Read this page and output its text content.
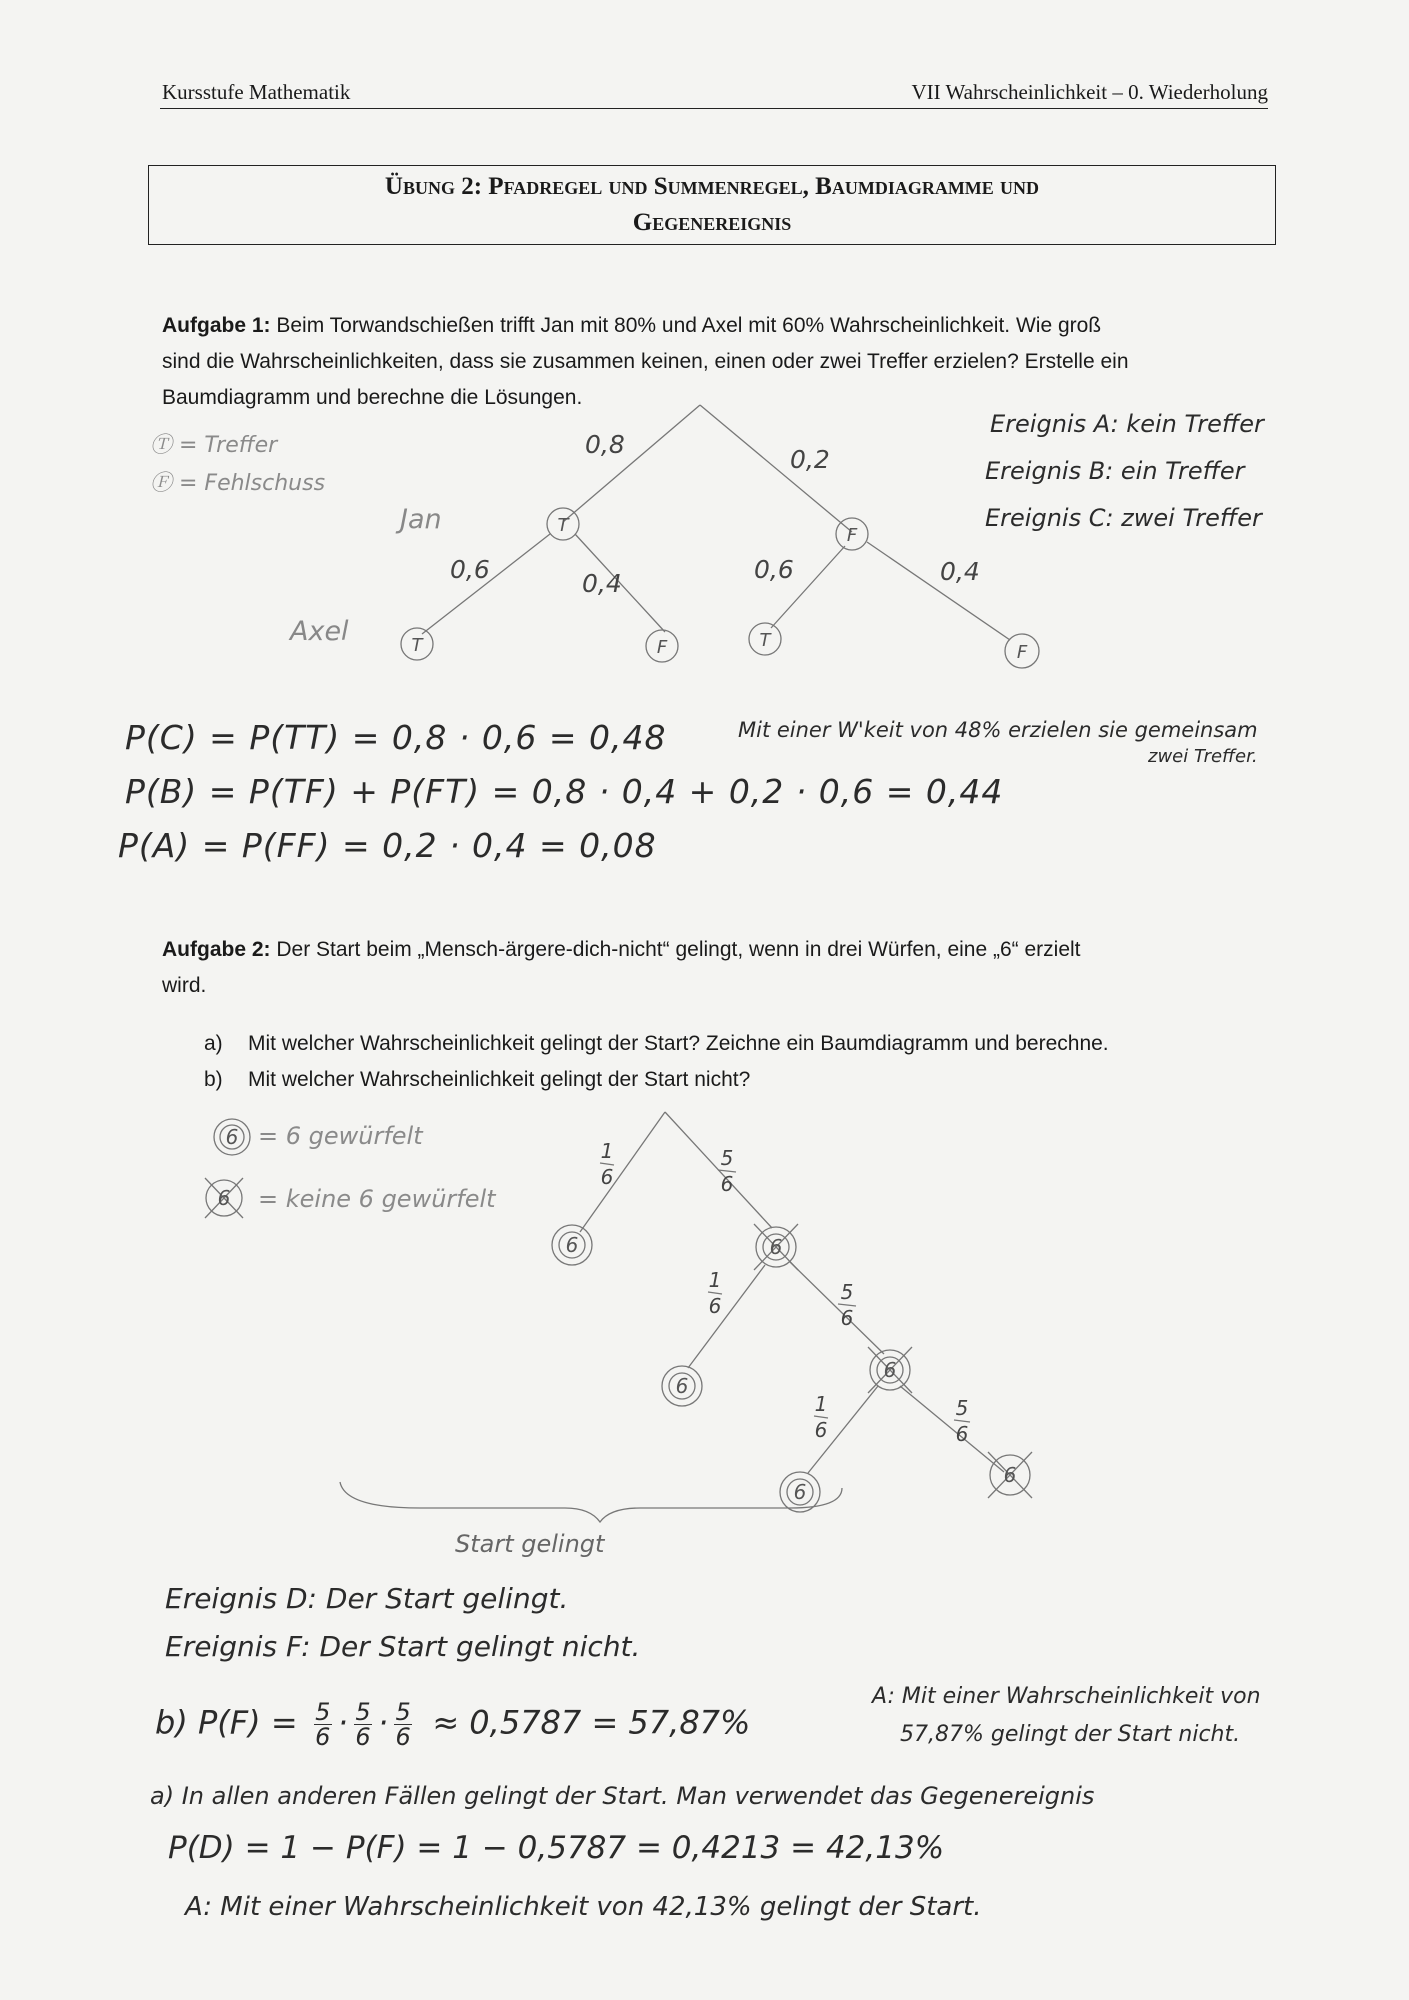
Kursstufe Mathematik	VII Wahrscheinlichkeit – 0. Wiederholung
Übung 2: Pfadregel und Summenregel, Baumdiagramme und
Gegenereignis
Aufgabe 1: Beim Torwandschießen trifft Jan mit 80% und Axel mit 60% Wahrscheinlichkeit. Wie groß
sind die Wahrscheinlichkeiten, dass sie zusammen keinen, einen oder zwei Treffer erzielen? Erstelle ein
Baumdiagramm und berechne die Lösungen.
Ⓣ = Treffer
Ⓕ = Fehlschuss
T	F
T	F	T
F
0,8
0,2
0,6	0,4	0,6	0,4
Jan
Axel
Ereignis A: kein Treffer
Ereignis B: ein Treffer
Ereignis C: zwei Treffer
P(C) = P(TT) = 0,8 · 0,6 = 0,48
P(B) = P(TF) + P(FT) = 0,8 · 0,4 + 0,2 · 0,6 = 0,44
P(A) = P(FF) = 0,2 · 0,4 = 0,08
Mit einer W'keit von 48% erzielen sie gemeinsam
zwei Treffer.
Aufgabe 2: Der Start beim „Mensch-ärgere-dich-nicht“ gelingt, wenn in drei Würfen, eine „6“ erzielt
wird.
a) Mit welcher Wahrscheinlichkeit gelingt der Start? Zeichne ein Baumdiagramm und berechne.
b) Mit welcher Wahrscheinlichkeit gelingt der Start nicht?
= 6 gewürfelt
= keine 6 gewürfelt
6	6
6
6
6
6
6
6
1
6
5
6
1
6
5
6
1
6
5
6
Start gelingt
Ereignis D: Der Start gelingt.
Ereignis F: Der Start gelingt nicht.
b) $P(F) = \frac{5}{6} \cdot \frac{5}{6} \cdot \frac{5}{6} \approx 0,5787 = 57,87\%$
A: Mit einer Wahrscheinlichkeit von
57,87% gelingt der Start nicht.
a) In allen anderen Fällen gelingt der Start. Man verwendet das Gegenereignis
P(D) = 1 − P(F) = 1 − 0,5787 = 0,4213 = 42,13%
A: Mit einer Wahrscheinlichkeit von 42,13% gelingt der Start.
